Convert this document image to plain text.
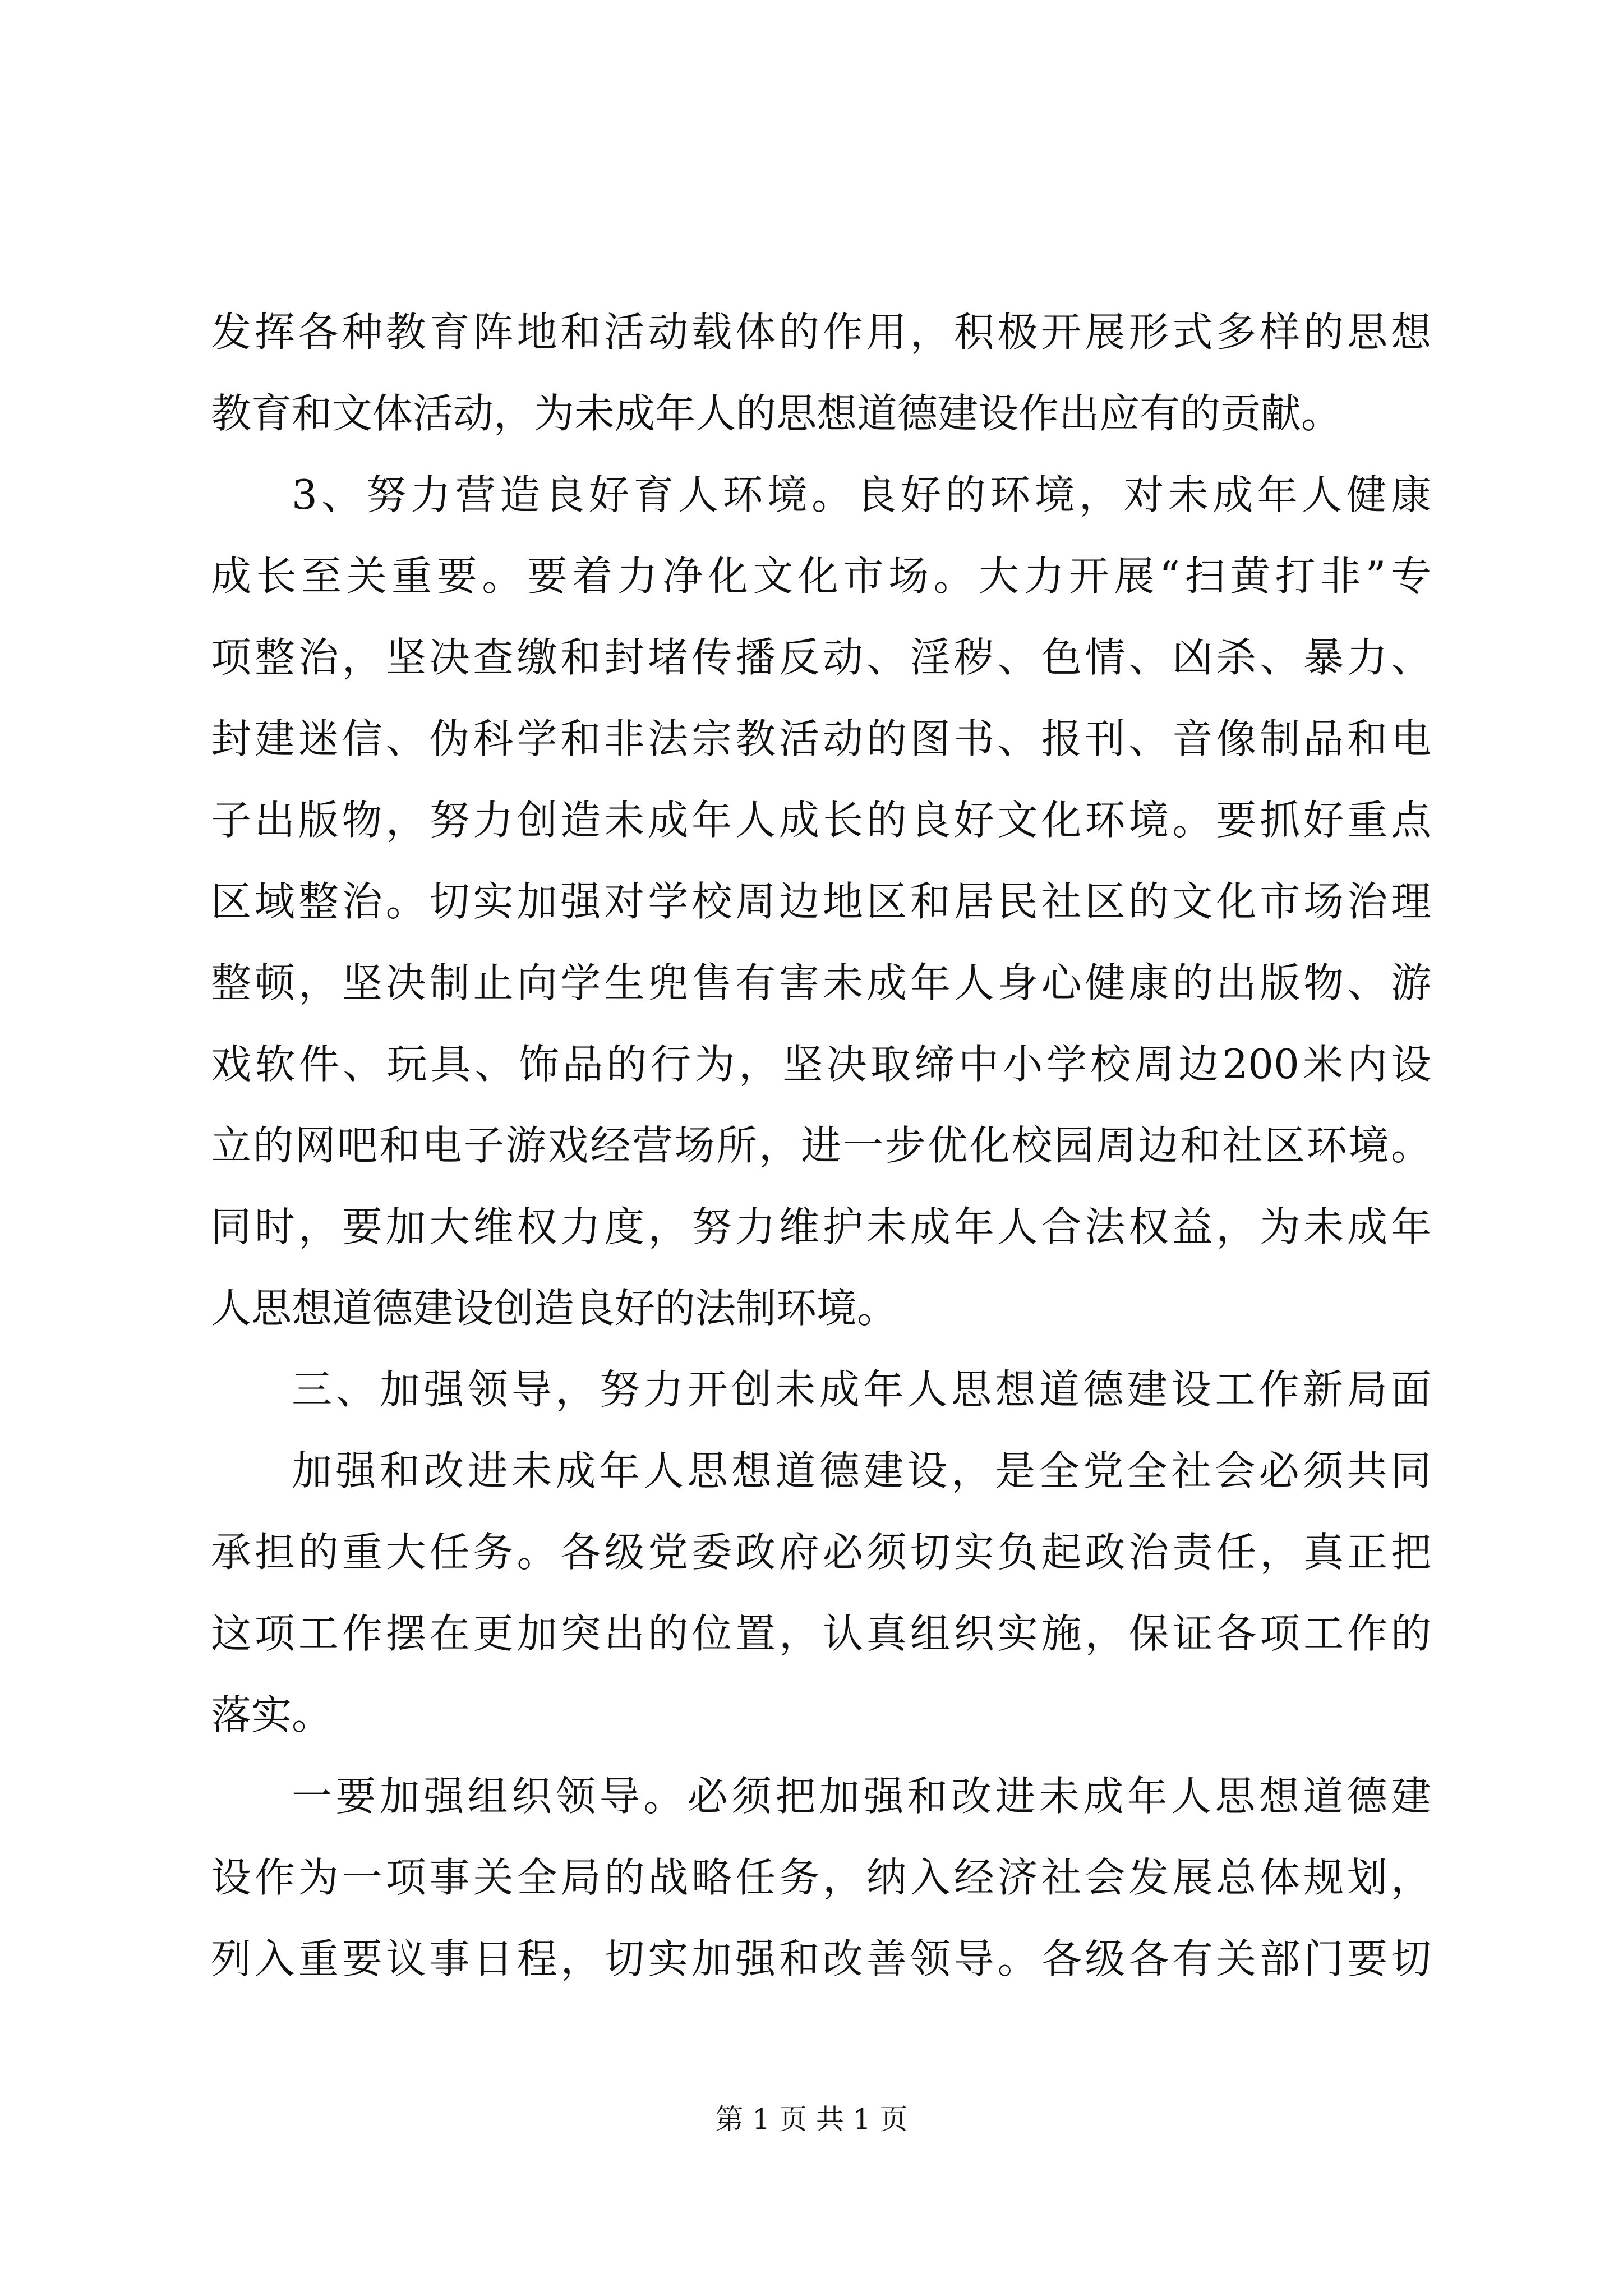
发挥各种教育阵地和活动载体的作用，积极开展形式多样的思想
教育和文体活动，为未成年人的思想道德建设作出应有的贡献。
3、努力营造良好育人环境。良好的环境，对未成年人健康
成长至关重要。要着力净化文化市场。大力开展“扫黄打非”专
项整治，坚决查缴和封堵传播反动、淫秽、色情、凶杀、暴力、
封建迷信、伪科学和非法宗教活动的图书、报刊、音像制品和电
子出版物，努力创造未成年人成长的良好文化环境。要抓好重点
区域整治。切实加强对学校周边地区和居民社区的文化市场治理
整顿，坚决制止向学生兜售有害未成年人身心健康的出版物、游
戏软件、玩具、饰品的行为，坚决取缔中小学校周边200米内设
立的网吧和电子游戏经营场所，进一步优化校园周边和社区环境。
同时，要加大维权力度，努力维护未成年人合法权益，为未成年
人思想道德建设创造良好的法制环境。
三、加强领导，努力开创未成年人思想道德建设工作新局面
加强和改进未成年人思想道德建设，是全党全社会必须共同
承担的重大任务。各级党委政府必须切实负起政治责任，真正把
这项工作摆在更加突出的位置，认真组织实施，保证各项工作的
落实。
一要加强组织领导。必须把加强和改进未成年人思想道德建
设作为一项事关全局的战略任务，纳入经济社会发展总体规划，
列入重要议事日程，切实加强和改善领导。各级各有关部门要切
第 1 页 共 1 页
